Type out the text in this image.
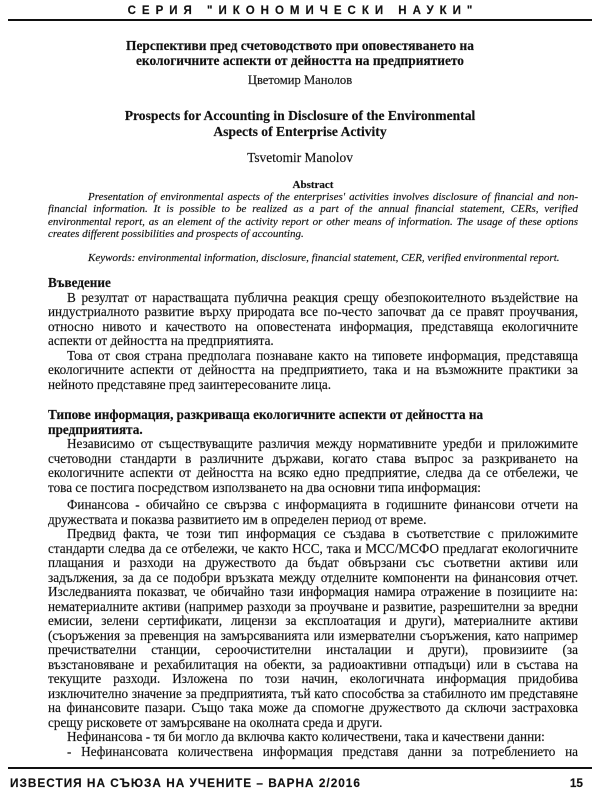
СЕРИЯ "ИКОНОМИЧЕСКИ НАУКИ"
Перспективи пред счетоводството при оповестяването на
екологичните аспекти от дейността на предприятието
Цветомир Манолов
Prospects for Accounting in Disclosure of the Environmental
Aspects of Enterprise Activity
Tsvetomir Manolov
Abstract

Presentation of environmental aspects of the enterprises' activities involves disclosure of financial and non-financial information. It is possible to be realized as a part of the annual financial statement, CERs, verified environmental report, as an element of the activity report or other means of information. The usage of these options creates different possibilities and prospects of accounting.

Keywords: environmental information, disclosure, financial statement, CER, verified environmental report.

Въведение

В резултат от нарастващата публична реакция срещу обезпокоителното въздействие на индустриалното развитие върху природата все по-често започват да се правят проучвания, относно нивото и качеството на оповестената информация, представяща екологичните аспекти от дейността на предприятията.

Това от своя страна предполага познаване както на типовете информация, представяща екологичните аспекти от дейността на предприятието, така и на възможните практики за нейното представяне пред заинтересованите лица.

Типове информация, разкриваща екологичните аспекти от дейността на предприятията.

Независимо от съществуващите различия между нормативните уредби и приложимите счетоводни стандарти в различните държави, когато става въпрос за разкриването на екологичните аспекти от дейността на всяко едно предприятие, следва да се отбележи, че това се постига посредством използването на два основни типа информация:

Финансова - обичайно се свързва с информацията в годишните финансови отчети на дружествата и показва развитието им в определен период от време.

Предвид факта, че този тип информация се създава в съответствие с приложимите стандарти следва да се отбележи, че както НСС, така и МСС/МСФО предлагат екологичните плащания и разходи на дружеството да бъдат обвързани със съответни активи или задължения, за да се подобри връзката между отделните компоненти на финансовия отчет. Изследванията показват, че обичайно тази информация намира отражение в позициите на: нематериалните активи (например разходи за проучване и развитие, разрешителни за вредни емисии, зелени сертификати, лицензи за експлоатация и други), материалните активи (съоръжения за превенция на замърсяванията или измервателни съоръжения, като например пречиствателни станции, сероочистителни инсталации и други), провизиите (за възстановяване и рехабилитация на обекти, за радиоактивни отпадъци) или в състава на текущите разходи. Изложена по този начин, екологичната информация придобива изключително значение за предприятията, тъй като способства за стабилното им представяне на финансовите пазари. Също така може да спомогне дружеството да сключи застраховка срещу рисковете от замърсяване на околната среда и други.

Нефинансова - тя би могло да включва както количествени, така и качествени данни:

- Нефинансовата количествена информация представя данни за потреблението на

ИЗВЕСТИЯ НА СЪЮЗА НА УЧЕНИТЕ – ВАРНА 2/2016	15
